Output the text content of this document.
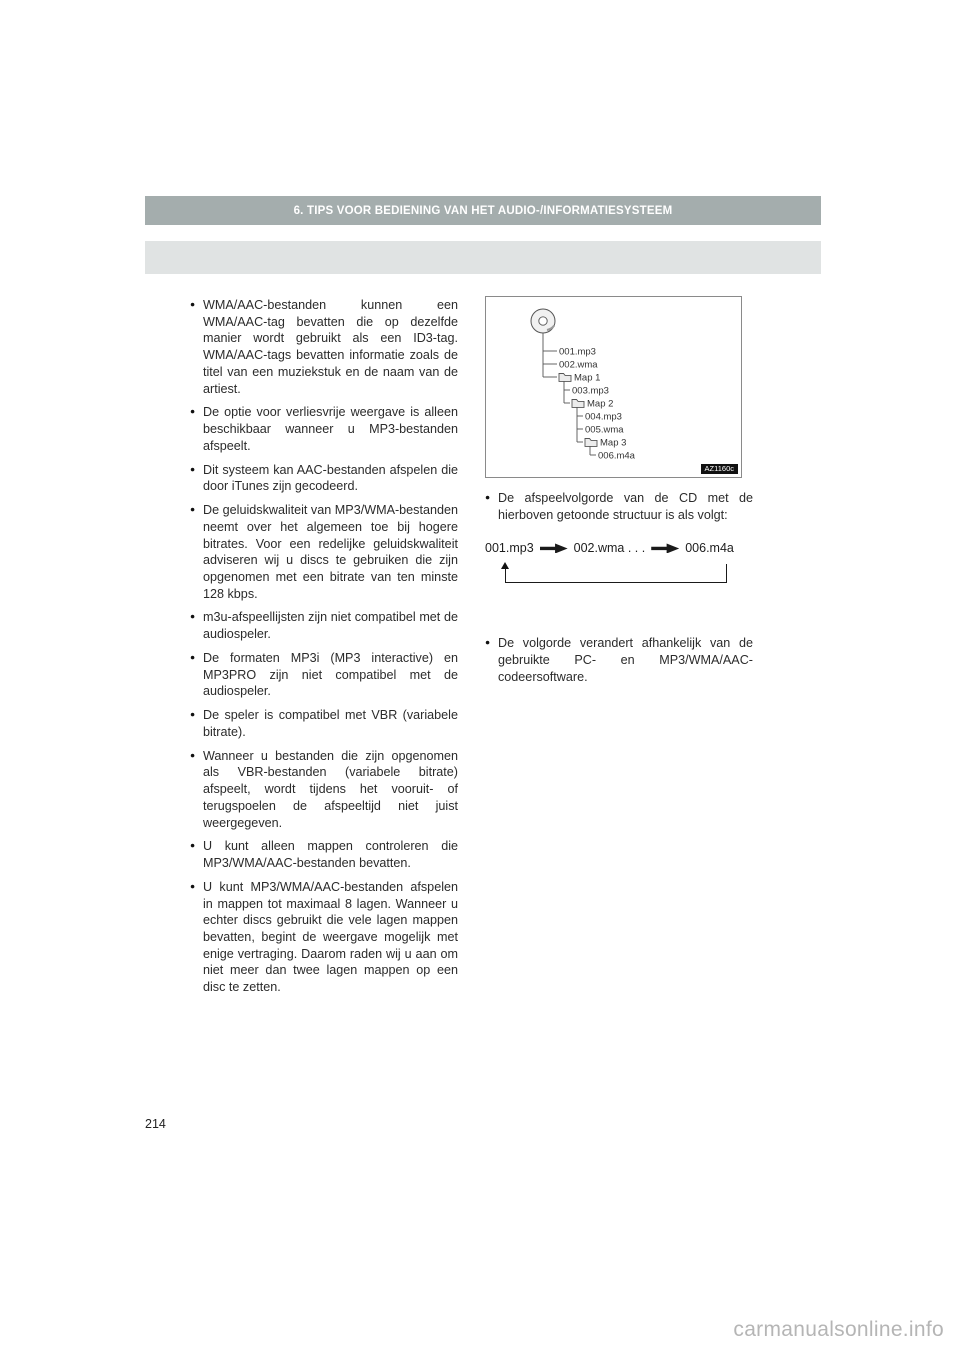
6. TIPS VOOR BEDIENING VAN HET AUDIO-/INFORMATIESYSTEEM
● WMA/AAC-bestanden kunnen een WMA/AAC-tag bevatten die op dezelfde manier wordt gebruikt als een ID3-tag. WMA/AAC-tags bevatten informatie zoals de titel van een muziekstuk en de naam van de artiest.
● De optie voor verliesvrije weergave is alleen beschikbaar wanneer u MP3-bestanden afspeelt.
● Dit systeem kan AAC-bestanden afspelen die door iTunes zijn gecodeerd.
● De geluidskwaliteit van MP3/WMA-bestanden neemt over het algemeen toe bij hogere bitrates. Voor een redelijke geluidskwaliteit adviseren wij u discs te gebruiken die zijn opgenomen met een bitrate van ten minste 128 kbps.
● m3u-afspeellijsten zijn niet compatibel met de audiospeler.
● De formaten MP3i (MP3 interactive) en MP3PRO zijn niet compatibel met de audiospeler.
● De speler is compatibel met VBR (variabele bitrate).
● Wanneer u bestanden die zijn opgenomen als VBR-bestanden (variabele bitrate) afspeelt, wordt tijdens het vooruit- of terugspoelen de afspeeltijd niet juist weergegeven.
● U kunt alleen mappen controleren die MP3/WMA/AAC-bestanden bevatten.
● U kunt MP3/WMA/AAC-bestanden afspelen in mappen tot maximaal 8 lagen. Wanneer u echter discs gebruikt die vele lagen mappen bevatten, begint de weergave mogelijk met enige vertraging. Daarom raden wij u aan om niet meer dan twee lagen mappen op een disc te zetten.
001.mp3
002.wma
Map 1
003.mp3
Map 2
004.mp3
005.wma
Map 3
006.m4a
AZ1160c
● De afspeelvolgorde van de CD met de hierboven getoonde structuur is als volgt:
001.mp3	002.wma . . .	006.m4a
● De volgorde verandert afhankelijk van de gebruikte PC- en MP3/WMA/AAC-codeersoftware.
214
carmanualsonline.info
